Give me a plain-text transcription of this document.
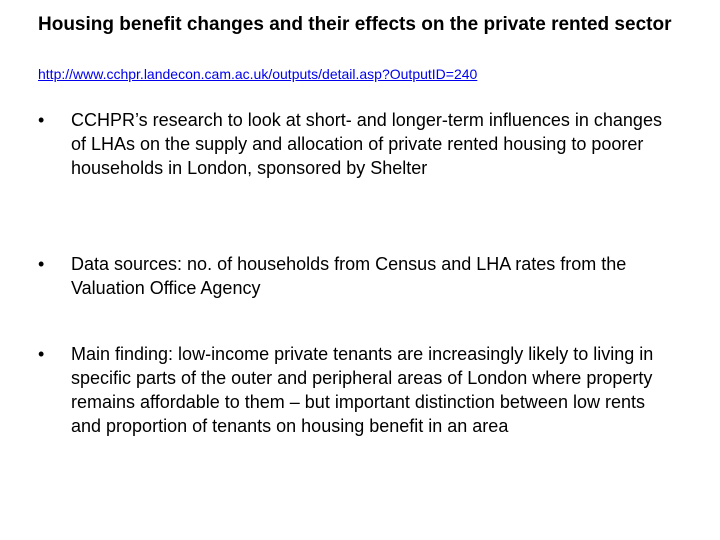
Housing benefit changes and their effects on the private rented sector
http://www.cchpr.landecon.cam.ac.uk/outputs/detail.asp?OutputID=240
•	CCHPR’s research to look at short- and longer-term influences in changes of LHAs on the supply and allocation of private rented housing to poorer households in London, sponsored by Shelter
•	Data sources: no. of households from Census and LHA rates from the Valuation Office Agency
•	Main finding: low-income private tenants are increasingly likely to living in specific parts of the outer and peripheral areas of London where property remains affordable to them – but important distinction between low rents and proportion of tenants on housing benefit in an area
